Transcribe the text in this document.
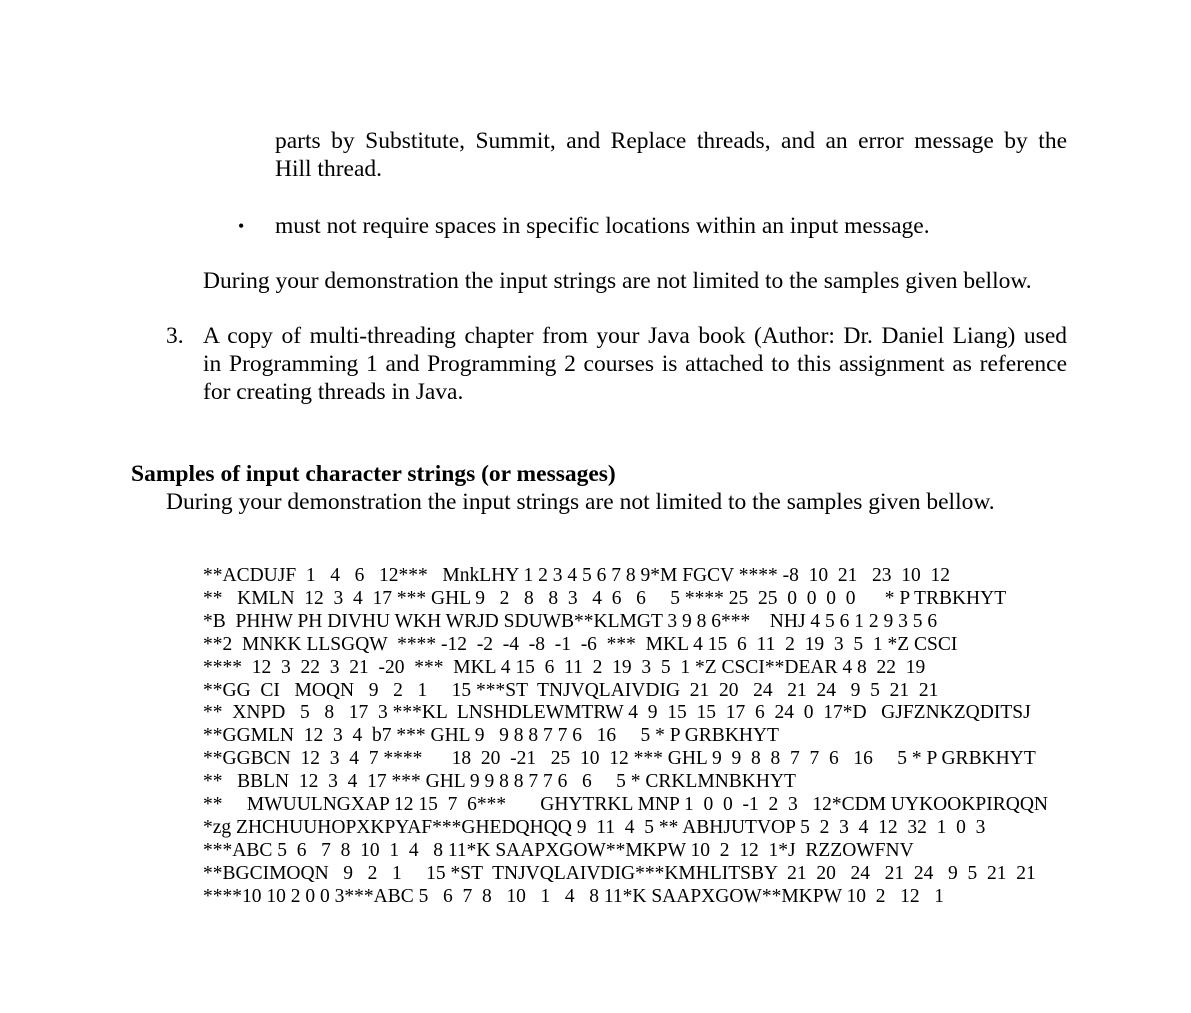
parts by Substitute, Summit, and Replace threads, and an error message by the
Hill thread.
•	must not require spaces in specific locations within an input message.
During your demonstration the input strings are not limited to the samples given bellow.
3. A copy of multi-threading chapter from your Java book (Author: Dr. Daniel Liang) used
in Programming 1 and Programming 2 courses is attached to this assignment as reference
for creating threads in Java.
Samples of input character strings (or messages)
During your demonstration the input strings are not limited to the samples given bellow.
**ACDUJF  1   4   6   12***   MnkLHY 1 2 3 4 5 6 7 8 9*M FGCV **** -8  10  21   23  10  12
**   KMLN  12  3  4  17 *** GHL 9   2   8   8  3   4  6   6     5 **** 25  25  0  0  0  0      * P TRBKHYT
*B  PHHW PH DIVHU WKH WRJD SDUWB**KLMGT 3 9 8 6***    NHJ 4 5 6 1 2 9 3 5 6
**2  MNKK LLSGQW  **** -12  -2  -4  -8  -1  -6  ***  MKL 4 15  6  11  2  19  3  5  1 *Z CSCI
****  12  3  22  3  21  -20  ***  MKL 4 15  6  11  2  19  3  5  1 *Z CSCI**DEAR 4 8  22  19
**GG  CI   MOQN   9   2   1     15 ***ST  TNJVQLAIVDIG  21  20   24   21  24   9  5  21  21
**  XNPD   5   8   17  3 ***KL  LNSHDLEWMTRW 4  9  15  15  17  6  24  0  17*D   GJFZNKZQDITSJ
**GGMLN  12  3  4  b7 *** GHL 9   9 8 8 7 7 6   16     5 * P GRBKHYT
**GGBCN  12  3  4  7 ****      18  20  -21   25  10  12 *** GHL 9  9  8  8  7  7  6   16     5 * P GRBKHYT
**   BBLN  12  3  4  17 *** GHL 9 9 8 8 7 7 6   6     5 * CRKLMNBKHYT
**     MWUULNGXAP 12 15  7  6***       GHYTRKL MNP 1  0  0  -1  2  3   12*CDM UYKOOKPIRQQN
*zg ZHCHUUHOPXKPYAF***GHEDQHQQ 9  11  4  5 ** ABHJUTVOP 5  2  3  4  12  32  1  0  3
***ABC 5  6   7  8  10  1  4   8 11*K SAAPXGOW**MKPW 10  2  12  1*J  RZZOWFNV
**BGCIMOQN   9   2   1     15 *ST  TNJVQLAIVDIG***KMHLITSBY  21  20   24   21  24   9  5  21  21
****10 10 2 0 0 3***ABC 5   6  7  8   10   1   4   8 11*K SAAPXGOW**MKPW 10  2   12   1
